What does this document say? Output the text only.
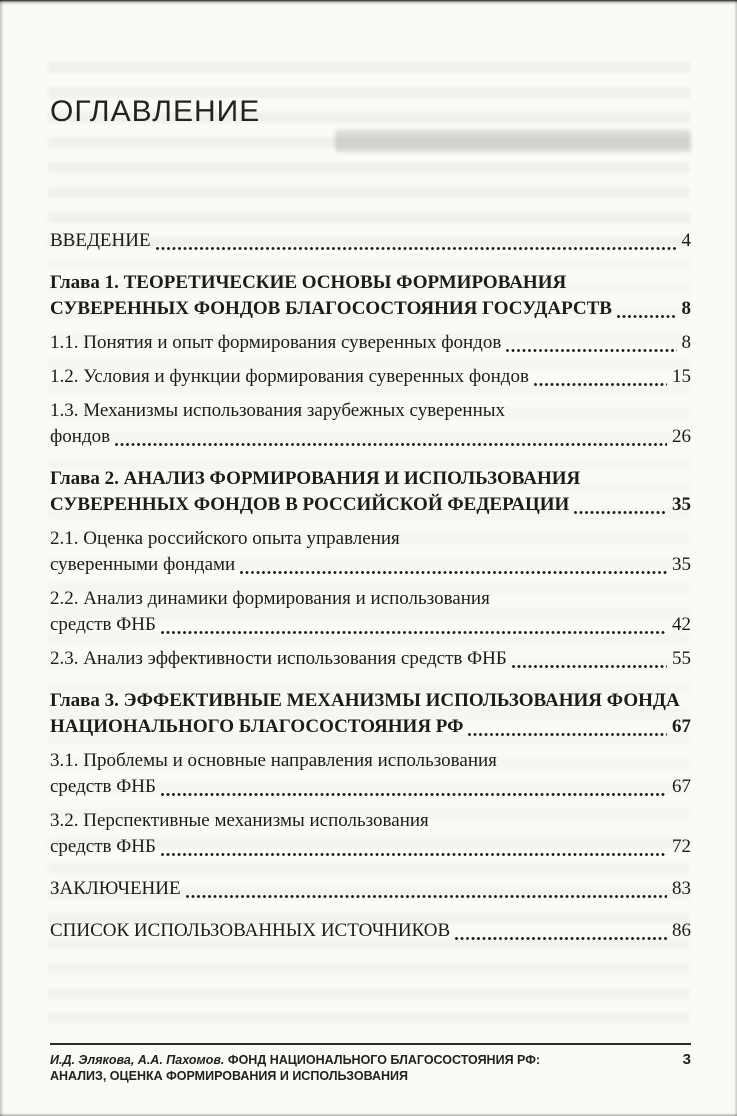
ОГЛАВЛЕНИЕ
ВВЕДЕНИЕ	4
Глава 1. ТЕОРЕТИЧЕСКИЕ ОСНОВЫ ФОРМИРОВАНИЯ
СУВЕРЕННЫХ ФОНДОВ БЛАГОСОСТОЯНИЯ ГОСУДАРСТВ	8
1.1. Понятия и опыт формирования суверенных фондов	8
1.2. Условия и функции формирования суверенных фондов	15
1.3. Механизмы использования зарубежных суверенных
фондов	26
Глава 2. АНАЛИЗ ФОРМИРОВАНИЯ И ИСПОЛЬЗОВАНИЯ
СУВЕРЕННЫХ ФОНДОВ В РОССИЙСКОЙ ФЕДЕРАЦИИ	35
2.1. Оценка российского опыта управления
суверенными фондами	35
2.2. Анализ динамики формирования и использования
средств ФНБ	42
2.3. Анализ эффективности использования средств ФНБ	55
Глава 3. ЭФФЕКТИВНЫЕ МЕХАНИЗМЫ ИСПОЛЬЗОВАНИЯ ФОНДА
НАЦИОНАЛЬНОГО БЛАГОСОСТОЯНИЯ РФ	67
3.1. Проблемы и основные направления использования
средств ФНБ	67
3.2. Перспективные механизмы использования
средств ФНБ	72
ЗАКЛЮЧЕНИЕ	83
СПИСОК ИСПОЛЬЗОВАННЫХ ИСТОЧНИКОВ	86
И.Д. Элякова, А.А. Пахомов. ФОНД НАЦИОНАЛЬНОГО БЛАГОСОСТОЯНИЯ РФ:
АНАЛИЗ, ОЦЕНКА ФОРМИРОВАНИЯ И ИСПОЛЬЗОВАНИЯ
3
